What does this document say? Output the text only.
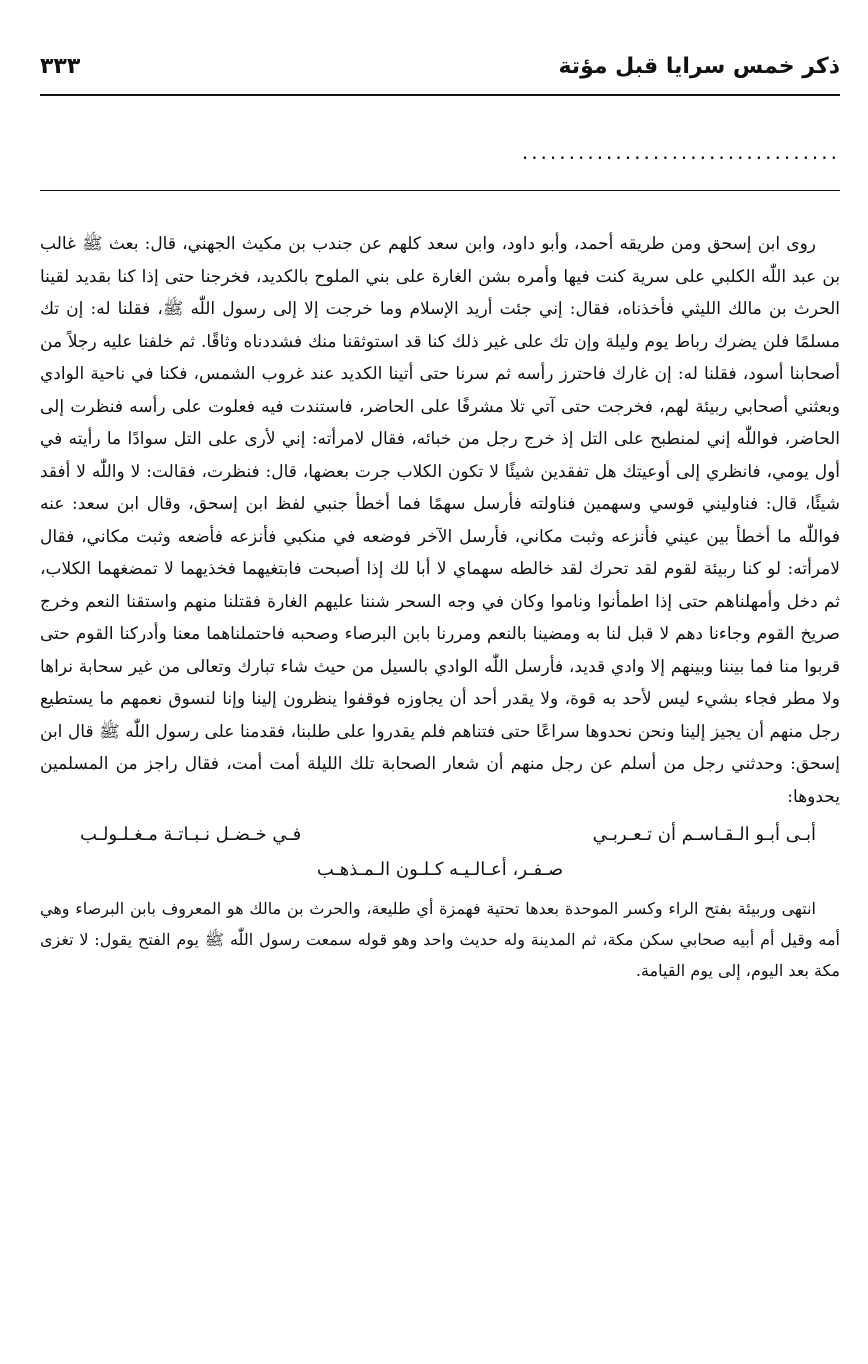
ذكر خمس سرايا قبل مؤتة
٣٣٣
..................................

روى ابن إسحق ومن طريقه أحمد، وأبو داود، وابن سعد كلهم عن جندب بن مكيث الجهني، قال: بعث ﷺ غالب بن عبد اللّٰه الكلبي على سرية كنت فيها وأمره بشن الغارة على بني الملوح بالكديد، فخرجنا حتى إذا كنا بقديد لقينا الحرث بن مالك الليثي فأخذناه، فقال: إني جئت أريد الإسلام وما خرجت إلا إلى رسول اللّٰه ﷺ، فقلنا له: إن تك مسلمًا فلن يضرك رباط يوم وليلة وإن تك على غير ذلك كنا قد استوثقنا منك فشددناه وثاقًا. ثم خلفنا عليه رجلاً من أصحابنا أسود، فقلنا له: إن غارك فاحترز رأسه ثم سرنا حتى أتينا الكديد عند غروب الشمس، فكنا في ناحية الوادي وبعثني أصحابي ربيئة لهم، فخرجت حتى آتي تلا مشرفًا على الحاضر، فاستندت فيه فعلوت على رأسه فنظرت إلى الحاضر، فواللّٰه إني لمنطبح على التل إذ خرج رجل من خبائه، فقال لامرأته: إني لأرى على التل سوادًا ما رأيته في أول يومي، فانظري إلى أوعيتك هل تفقدين شيئًا لا تكون الكلاب جرت بعضها، قال: فنظرت، فقالت: لا واللّٰه لا أفقد شيئًا، قال: فناوليني قوسي وسهمين فناولته فأرسل سهمًا فما أخطأ جنبي لفظ ابن إسحق، وقال ابن سعد: عنه فواللّٰه ما أخطأ بين عيني فأنزعه وثبت مكاني، فأرسل الآخر فوضعه في منكبي فأنزعه فأضعه وثبت مكاني، فقال لامرأته: لو كنا ربيئة لقوم لقد تحرك لقد خالطه سهماي لا أبا لك إذا أصبحت فابتغيهما فخذيهما لا تمضغهما الكلاب، ثم دخل وأمهلناهم حتى إذا اطمأنوا وناموا وكان في وجه السحر شننا عليهم الغارة فقتلنا منهم واستقنا النعم وخرج صريخ القوم وجاءنا دهم لا قبل لنا به ومضينا بالنعم ومررنا بابن البرصاء وصحبه فاحتملناهما معنا وأدركنا القوم حتى قربوا منا فما بيننا وبينهم إلا وادي قديد، فأرسل اللّٰه الوادي بالسيل من حيث شاء تبارك وتعالى من غير سحابة نراها ولا مطر فجاء بشيء ليس لأحد به قوة، ولا يقدر أحد أن يجاوزه فوقفوا ينظرون إلينا وإنا لنسوق نعمهم ما يستطيع رجل منهم أن يجيز إلينا ونحن نحدوها سراعًا حتى فتناهم فلم يقدروا على طلبنا، فقدمنا على رسول اللّٰه ﷺ قال ابن إسحق: وحدثني رجل من أسلم عن رجل منهم أن شعار الصحابة تلك الليلة أمت أمت، فقال راجز من المسلمين يحدوها:

أبـى أبـو الـقـاسـم أن تـعـربـي
فـي خـضـل نـبـاتـة مـغـلـولـب
صـفـر، أعـالـيـه كـلـون الـمـذهـب

انتهى وربيئة بفتح الراء وكسر الموحدة بعدها تحتية فهمزة أي طليعة، والحرث بن مالك هو المعروف بابن البرصاء وهي أمه وقيل أم أبيه صحابي سكن مكة، ثم المدينة وله حديث واحد وهو قوله سمعت رسول اللّٰه ﷺ يوم الفتح يقول: لا تغزى مكة بعد اليوم، إلى يوم القيامة.
